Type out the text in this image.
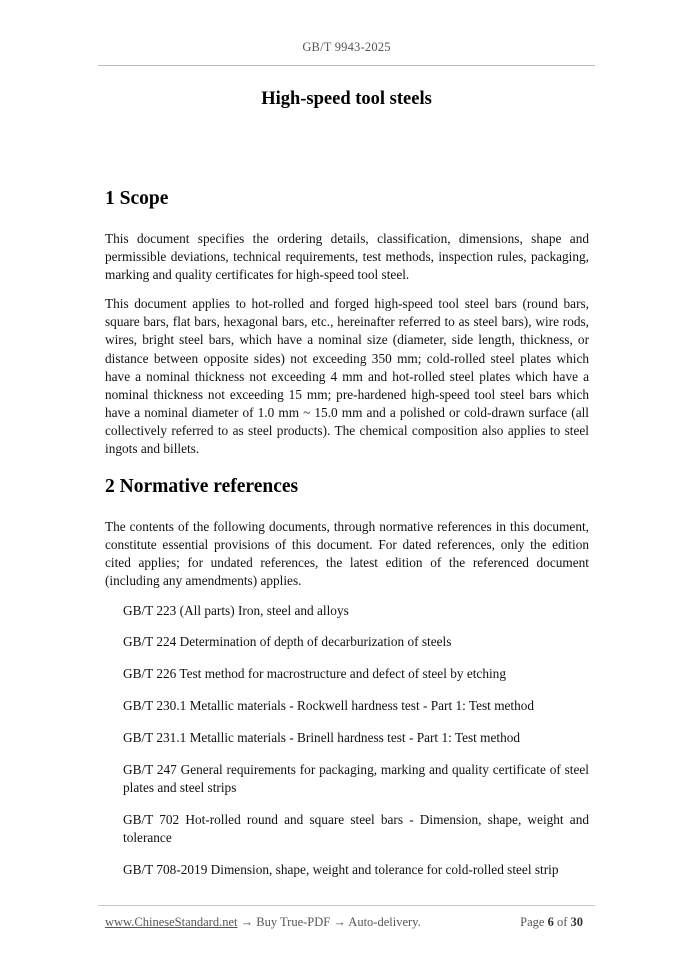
GB/T 9943-2025
High-speed tool steels
1 Scope

This document specifies the ordering details, classification, dimensions, shape and permissible deviations, technical requirements, test methods, inspection rules, packaging, marking and quality certificates for high-speed tool steel.

This document applies to hot-rolled and forged high-speed tool steel bars (round bars, square bars, flat bars, hexagonal bars, etc., hereinafter referred to as steel bars), wire rods, wires, bright steel bars, which have a nominal size (diameter, side length, thickness, or distance between opposite sides) not exceeding 350 mm; cold-rolled steel plates which have a nominal thickness not exceeding 4 mm and hot-rolled steel plates which have a nominal thickness not exceeding 15 mm; pre-hardened high-speed tool steel bars which have a nominal diameter of 1.0 mm ~ 15.0 mm and a polished or cold-drawn surface (all collectively referred to as steel products). The chemical composition also applies to steel ingots and billets.

2 Normative references

The contents of the following documents, through normative references in this document, constitute essential provisions of this document. For dated references, only the edition cited applies; for undated references, the latest edition of the referenced document (including any amendments) applies.

GB/T 223 (All parts) Iron, steel and alloys
GB/T 224 Determination of depth of decarburization of steels
GB/T 226 Test method for macrostructure and defect of steel by etching
GB/T 230.1 Metallic materials - Rockwell hardness test - Part 1: Test method
GB/T 231.1 Metallic materials - Brinell hardness test - Part 1: Test method
GB/T 247 General requirements for packaging, marking and quality certificate of steel plates and steel strips
GB/T 702 Hot-rolled round and square steel bars - Dimension, shape, weight and tolerance
GB/T 708-2019 Dimension, shape, weight and tolerance for cold-rolled steel strip
www.ChineseStandard.net → Buy True-PDF → Auto-delivery.	Page 6 of 30
